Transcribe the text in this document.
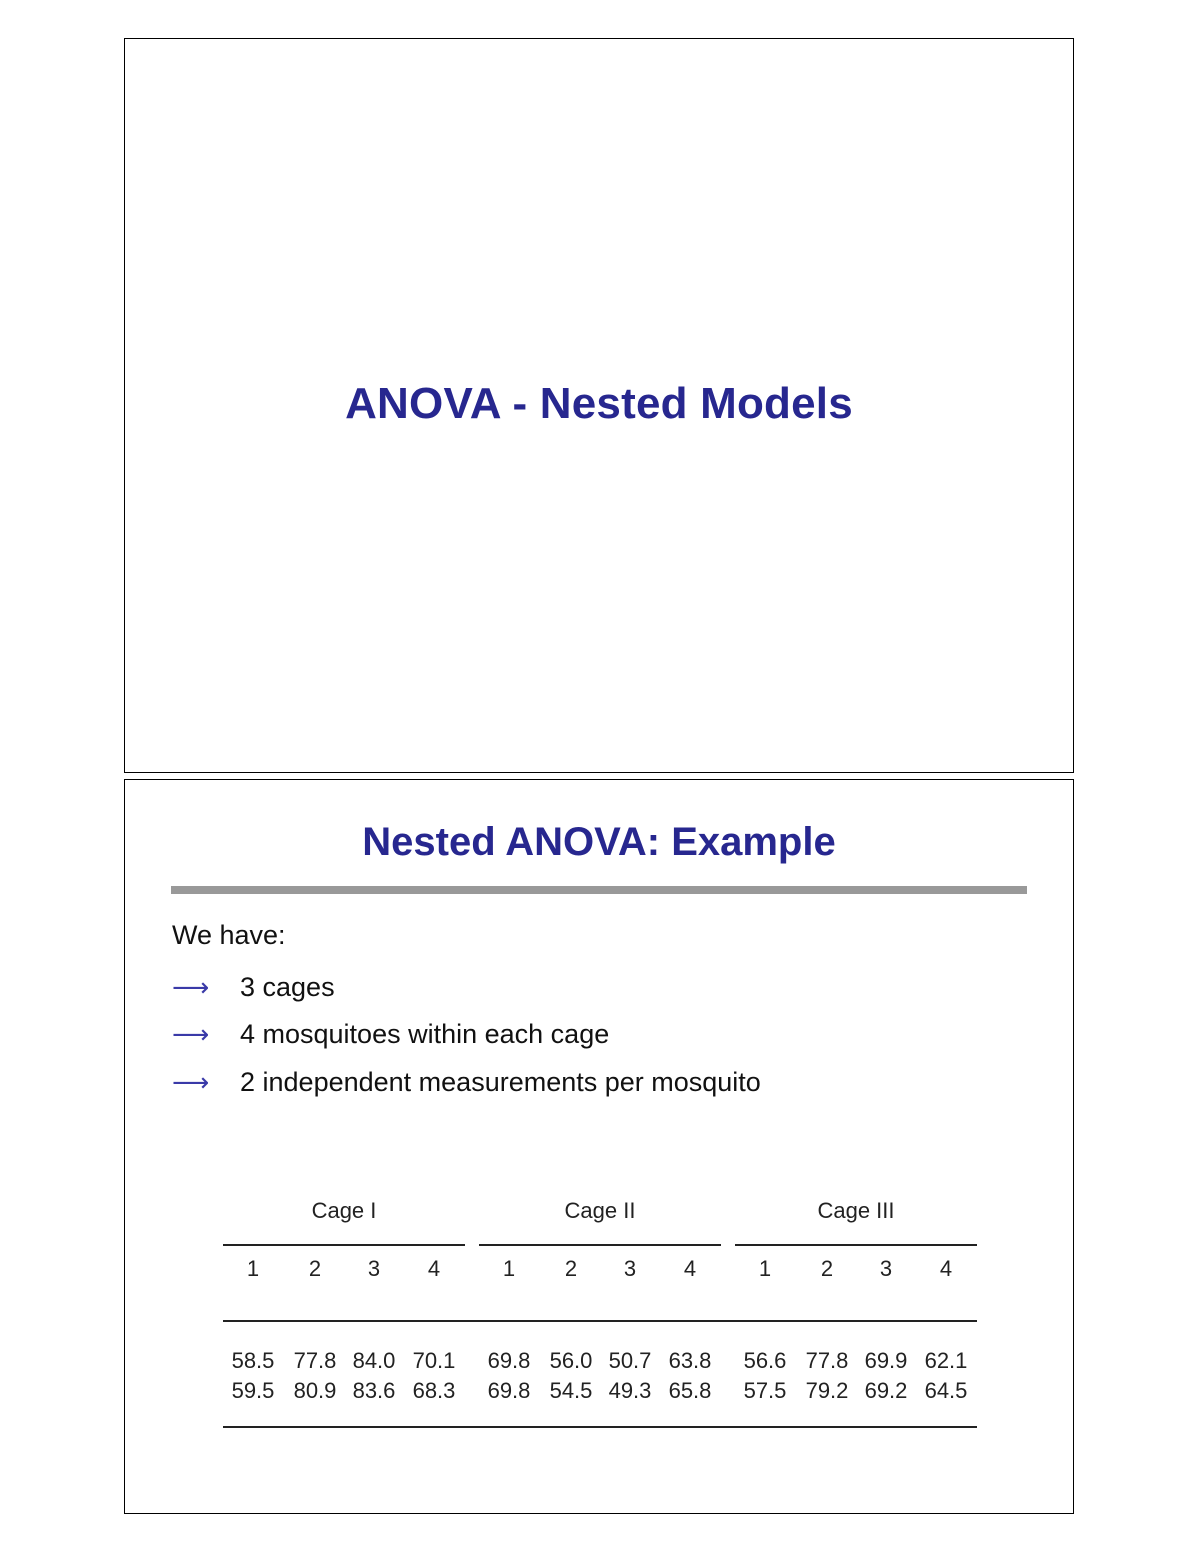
ANOVA - Nested Models
Nested ANOVA: Example
We have:
⟶	3 cages
⟶	4 mosquitoes within each cage
⟶	2 independent measurements per mosquito
Cage I
1	2	3	4
Cage II
1	2	3	4
Cage III
1	2	3	4
58.5 77.8 84.0 70.1	69.8 56.0 50.7 63.8	56.6 77.8 69.9 62.1
59.5 80.9 83.6 68.3	69.8 54.5 49.3 65.8	57.5 79.2 69.2 64.5
